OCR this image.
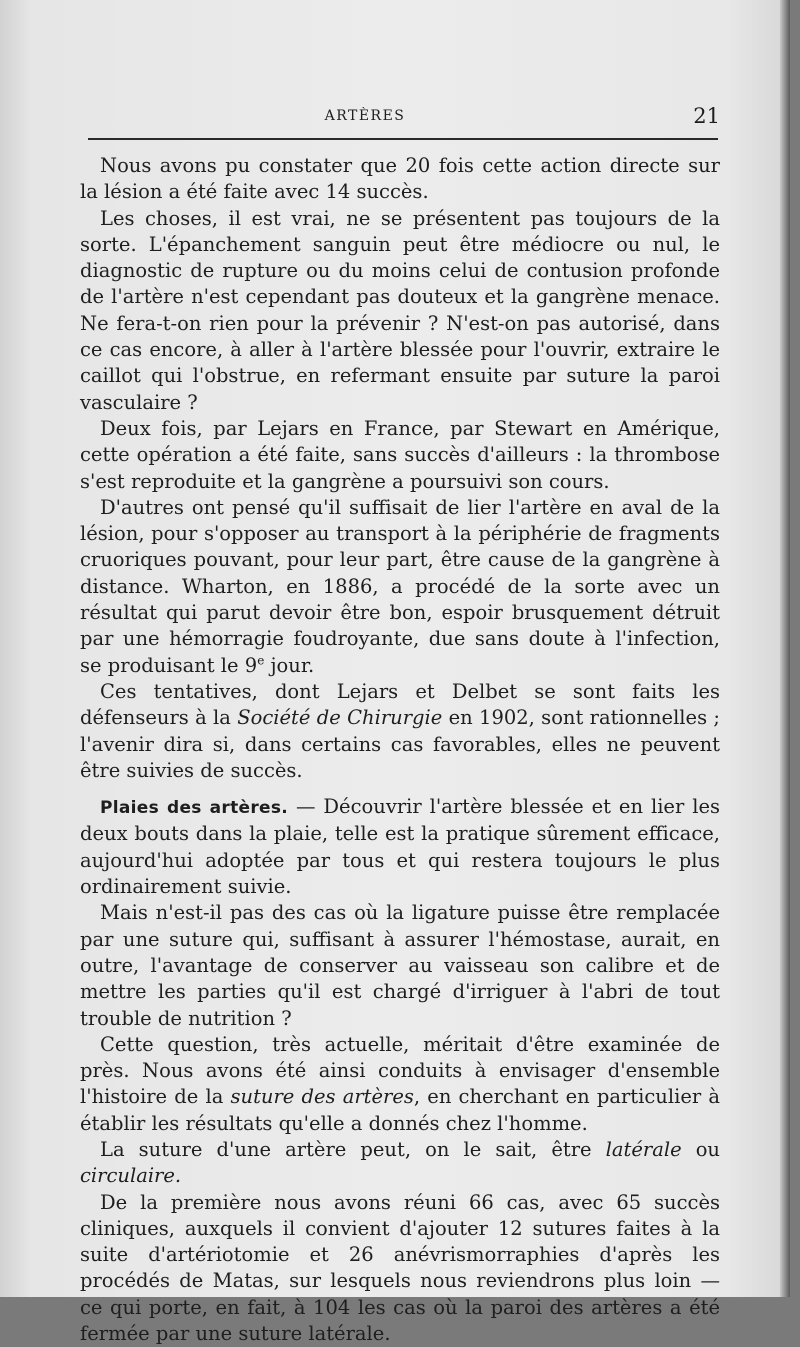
ARTÈRES	21

Nous avons pu constater que 20 fois cette action directe sur la lésion a été faite avec 14 succès.

Les choses, il est vrai, ne se présentent pas toujours de la sorte. L'épanchement sanguin peut être médiocre ou nul, le diagnostic de rupture ou du moins celui de contusion profonde de l'artère n'est cependant pas douteux et la gangrène menace. Ne fera-t-on rien pour la prévenir ? N'est-on pas autorisé, dans ce cas encore, à aller à l'artère blessée pour l'ouvrir, extraire le caillot qui l'obstrue, en refermant ensuite par suture la paroi vasculaire ?

Deux fois, par Lejars en France, par Stewart en Amérique, cette opération a été faite, sans succès d'ailleurs : la thrombose s'est reproduite et la gangrène a poursuivi son cours.

D'autres ont pensé qu'il suffisait de lier l'artère en aval de la lésion, pour s'opposer au transport à la périphérie de fragments cruoriques pouvant, pour leur part, être cause de la gangrène à distance. Wharton, en 1886, a procédé de la sorte avec un résultat qui parut devoir être bon, espoir brusquement détruit par une hémorragie foudroyante, due sans doute à l'infection, se produisant le 9e jour.

Ces tentatives, dont Lejars et Delbet se sont faits les défenseurs à la Société de Chirurgie en 1902, sont rationnelles ; l'avenir dira si, dans certains cas favorables, elles ne peuvent être suivies de succès.

Plaies des artères. — Découvrir l'artère blessée et en lier les deux bouts dans la plaie, telle est la pratique sûrement efficace, aujourd'hui adoptée par tous et qui restera toujours le plus ordinairement suivie.

Mais n'est-il pas des cas où la ligature puisse être remplacée par une suture qui, suffisant à assurer l'hémostase, aurait, en outre, l'avantage de conserver au vaisseau son calibre et de mettre les parties qu'il est chargé d'irriguer à l'abri de tout trouble de nutrition ?

Cette question, très actuelle, méritait d'être examinée de près. Nous avons été ainsi conduits à envisager d'ensemble l'histoire de la suture des artères, en cherchant en particulier à établir les résultats qu'elle a donnés chez l'homme.

La suture d'une artère peut, on le sait, être latérale ou circulaire.

De la première nous avons réuni 66 cas, avec 65 succès cliniques, auxquels il convient d'ajouter 12 sutures faites à la suite d'artériotomie et 26 anévrismorraphies d'après les procédés de Matas, sur lesquels nous reviendrons plus loin — ce qui porte, en fait, à 104 les cas où la paroi des artères a été fermée par une suture latérale.
